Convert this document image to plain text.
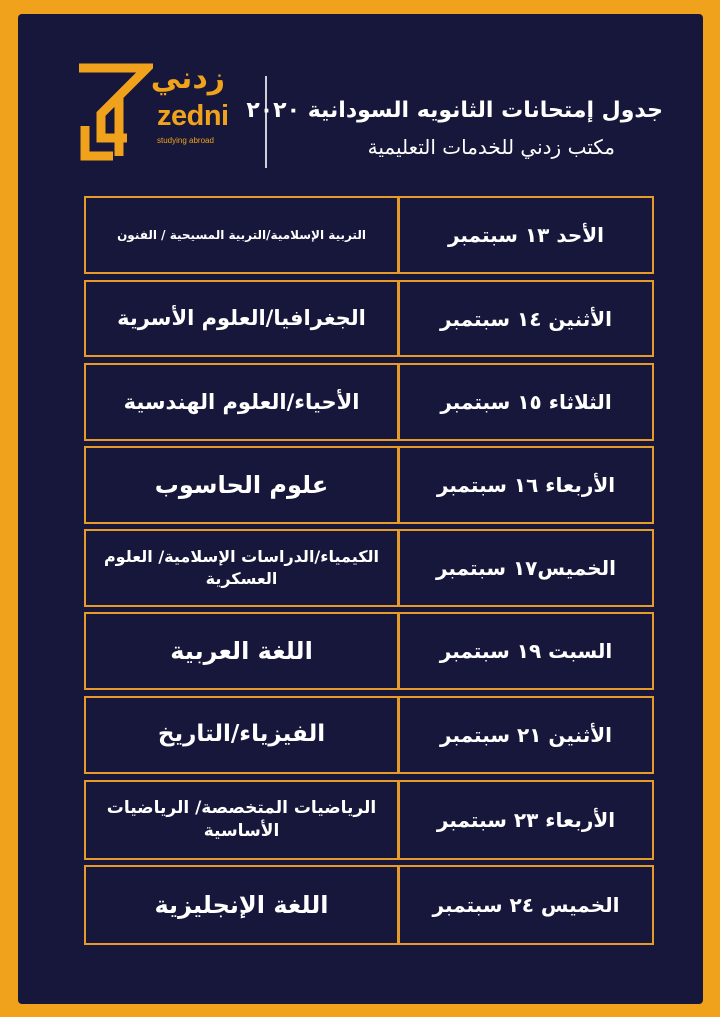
زدني
zedni
studying abroad
جدول إمتحانات الثانويه السودانية ٢٠٢٠
مكتب زدني للخدمات التعليمية
التربية الإسلامية/التربية المسيحية / الفنون	الأحد ١٣ سبتمبر
الجغرافيا/العلوم الأسرية	الأثنين ١٤ سبتمبر
الأحياء/العلوم الهندسية	الثلاثاء ١٥ سبتمبر
علوم الحاسوب	الأربعاء ١٦ سبتمبر
الكيمياء/الدراسات الإسلامية/ العلوم العسكرية	الخميس١٧ سبتمبر
اللغة العربية	السبت ١٩ سبتمبر
الفيزياء/التاريخ	الأثنين ٢١ سبتمبر
الرياضيات المتخصصة/ الرياضيات الأساسية	الأربعاء ٢٣ سبتمبر
اللغة الإنجليزية	الخميس ٢٤ سبتمبر
